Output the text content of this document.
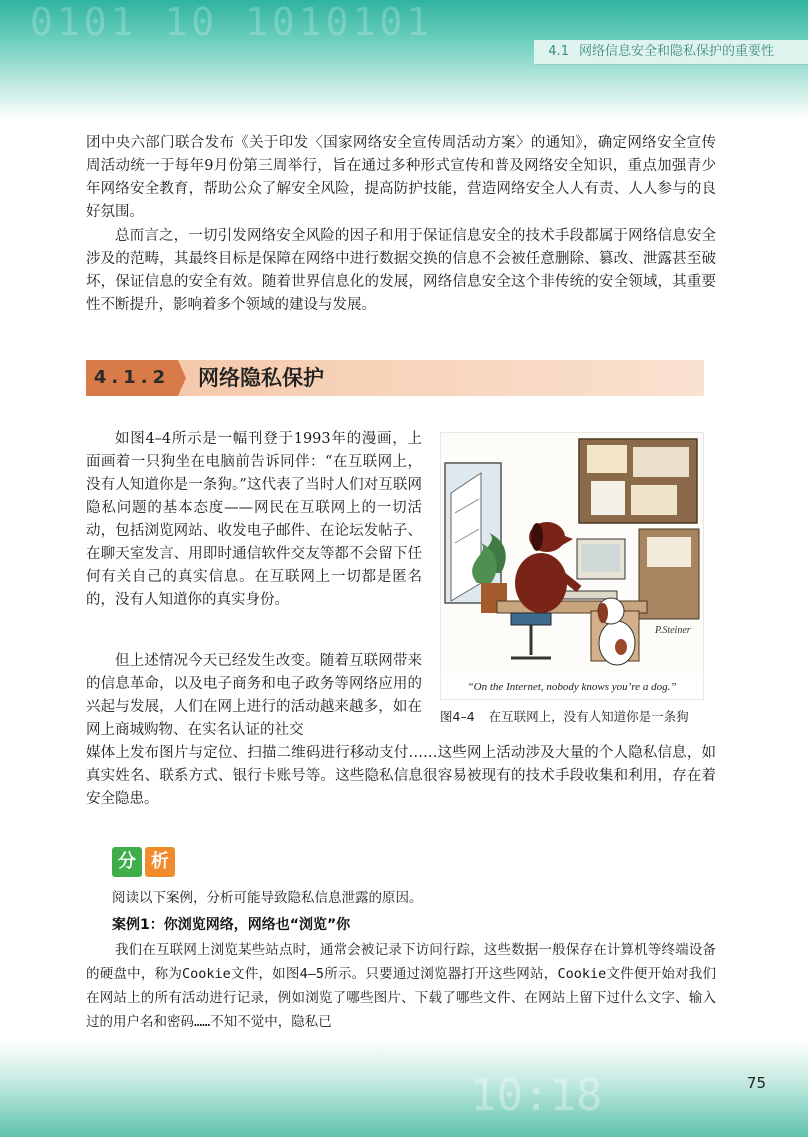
0101 10 1010101
4.1 网络信息安全和隐私保护的重要性

团中央六部门联合发布《关于印发〈国家网络安全宣传周活动方案〉的通知》，确定网络安全宣传周活动统一于每年9月份第三周举行，旨在通过多种形式宣传和普及网络安全知识，重点加强青少年网络安全教育，帮助公众了解安全风险，提高防护技能，营造网络安全人人有责、人人参与的良好氛围。

总而言之，一切引发网络安全风险的因子和用于保证信息安全的技术手段都属于网络信息安全涉及的范畴，其最终目标是保障在网络中进行数据交换的信息不会被任意删除、篡改、泄露甚至破坏，保证信息的安全有效。随着世界信息化的发展，网络信息安全这个非传统的安全领域，其重要性不断提升，影响着多个领域的建设与发展。

4.1.2	网络隐私保护

如图4–4所示是一幅刊登于1993年的漫画，上面画着一只狗坐在电脑前告诉同伴：“在互联网上，没有人知道你是一条狗。”这代表了当时人们对互联网隐私问题的基本态度——网民在互联网上的一切活动，包括浏览网站、收发电子邮件、在论坛发帖子、在聊天室发言、用即时通信软件交友等都不会留下任何有关自己的真实信息。在互联网上一切都是匿名的，没有人知道你的真实身份。

但上述情况今天已经发生改变。随着互联网带来的信息革命，以及电子商务和电子政务等网络应用的兴起与发展，人们在网上进行的活动越来越多，如在网上商城购物、在实名认证的社交

媒体上发布图片与定位、扫描二维码进行移动支付……这些网上活动涉及大量的个人隐私信息，如真实姓名、联系方式、银行卡账号等。这些隐私信息很容易被现有的技术手段收集和利用，存在着安全隐患。

P.Steiner
“On the Internet, nobody knows you’re a dog.”
图4–4 在互联网上，没有人知道你是一条狗
分 析

阅读以下案例，分析可能导致隐私信息泄露的原因。

案例1：你浏览网络，网络也“浏览”你

我们在互联网上浏览某些站点时，通常会被记录下访问行踪，这些数据一般保存在计算机等终端设备的硬盘中，称为Cookie文件，如图4–5所示。只要通过浏览器打开这些网站，Cookie文件便开始对我们在网站上的所有活动进行记录，例如浏览了哪些图片、下载了哪些文件、在网站上留下过什么文字、输入过的用户名和密码……不知不觉中，隐私已

10:18	75
